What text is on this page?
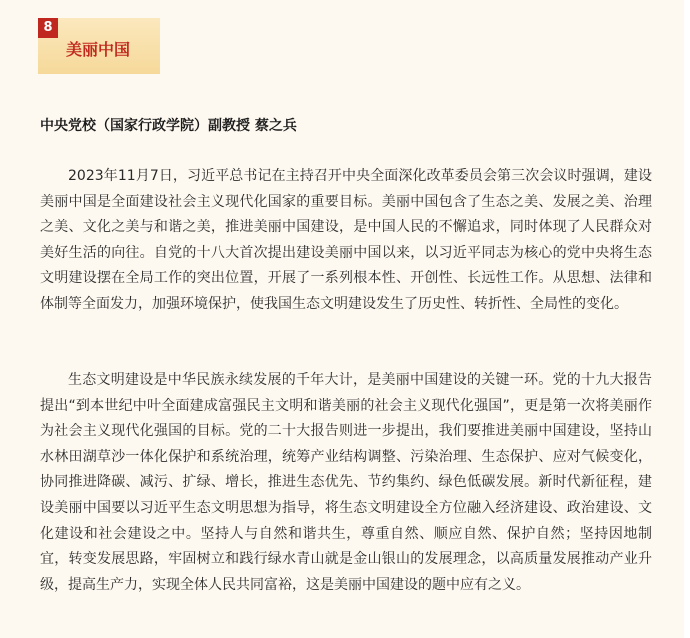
8
美丽中国
中央党校（国家行政学院）副教授 蔡之兵

2023年11月7日，习近平总书记在主持召开中央全面深化改革委员会第三次会议时强调，建设美丽中国是全面建设社会主义现代化国家的重要目标。美丽中国包含了生态之美、发展之美、治理之美、文化之美与和谐之美，推进美丽中国建设，是中国人民的不懈追求，同时体现了人民群众对美好生活的向往。自党的十八大首次提出建设美丽中国以来，以习近平同志为核心的党中央将生态文明建设摆在全局工作的突出位置，开展了一系列根本性、开创性、长远性工作。从思想、法律和体制等全面发力，加强环境保护，使我国生态文明建设发生了历史性、转折性、全局性的变化。

生态文明建设是中华民族永续发展的千年大计，是美丽中国建设的关键一环。党的十九大报告提出“到本世纪中叶全面建成富强民主文明和谐美丽的社会主义现代化强国”，更是第一次将美丽作为社会主义现代化强国的目标。党的二十大报告则进一步提出，我们要推进美丽中国建设，坚持山水林田湖草沙一体化保护和系统治理，统筹产业结构调整、污染治理、生态保护、应对气候变化，协同推进降碳、减污、扩绿、增长，推进生态优先、节约集约、绿色低碳发展。新时代新征程，建设美丽中国要以习近平生态文明思想为指导，将生态文明建设全方位融入经济建设、政治建设、文化建设和社会建设之中。坚持人与自然和谐共生，尊重自然、顺应自然、保护自然；坚持因地制宜，转变发展思路，牢固树立和践行绿水青山就是金山银山的发展理念，以高质量发展推动产业升级，提高生产力，实现全体人民共同富裕，这是美丽中国建设的题中应有之义。
